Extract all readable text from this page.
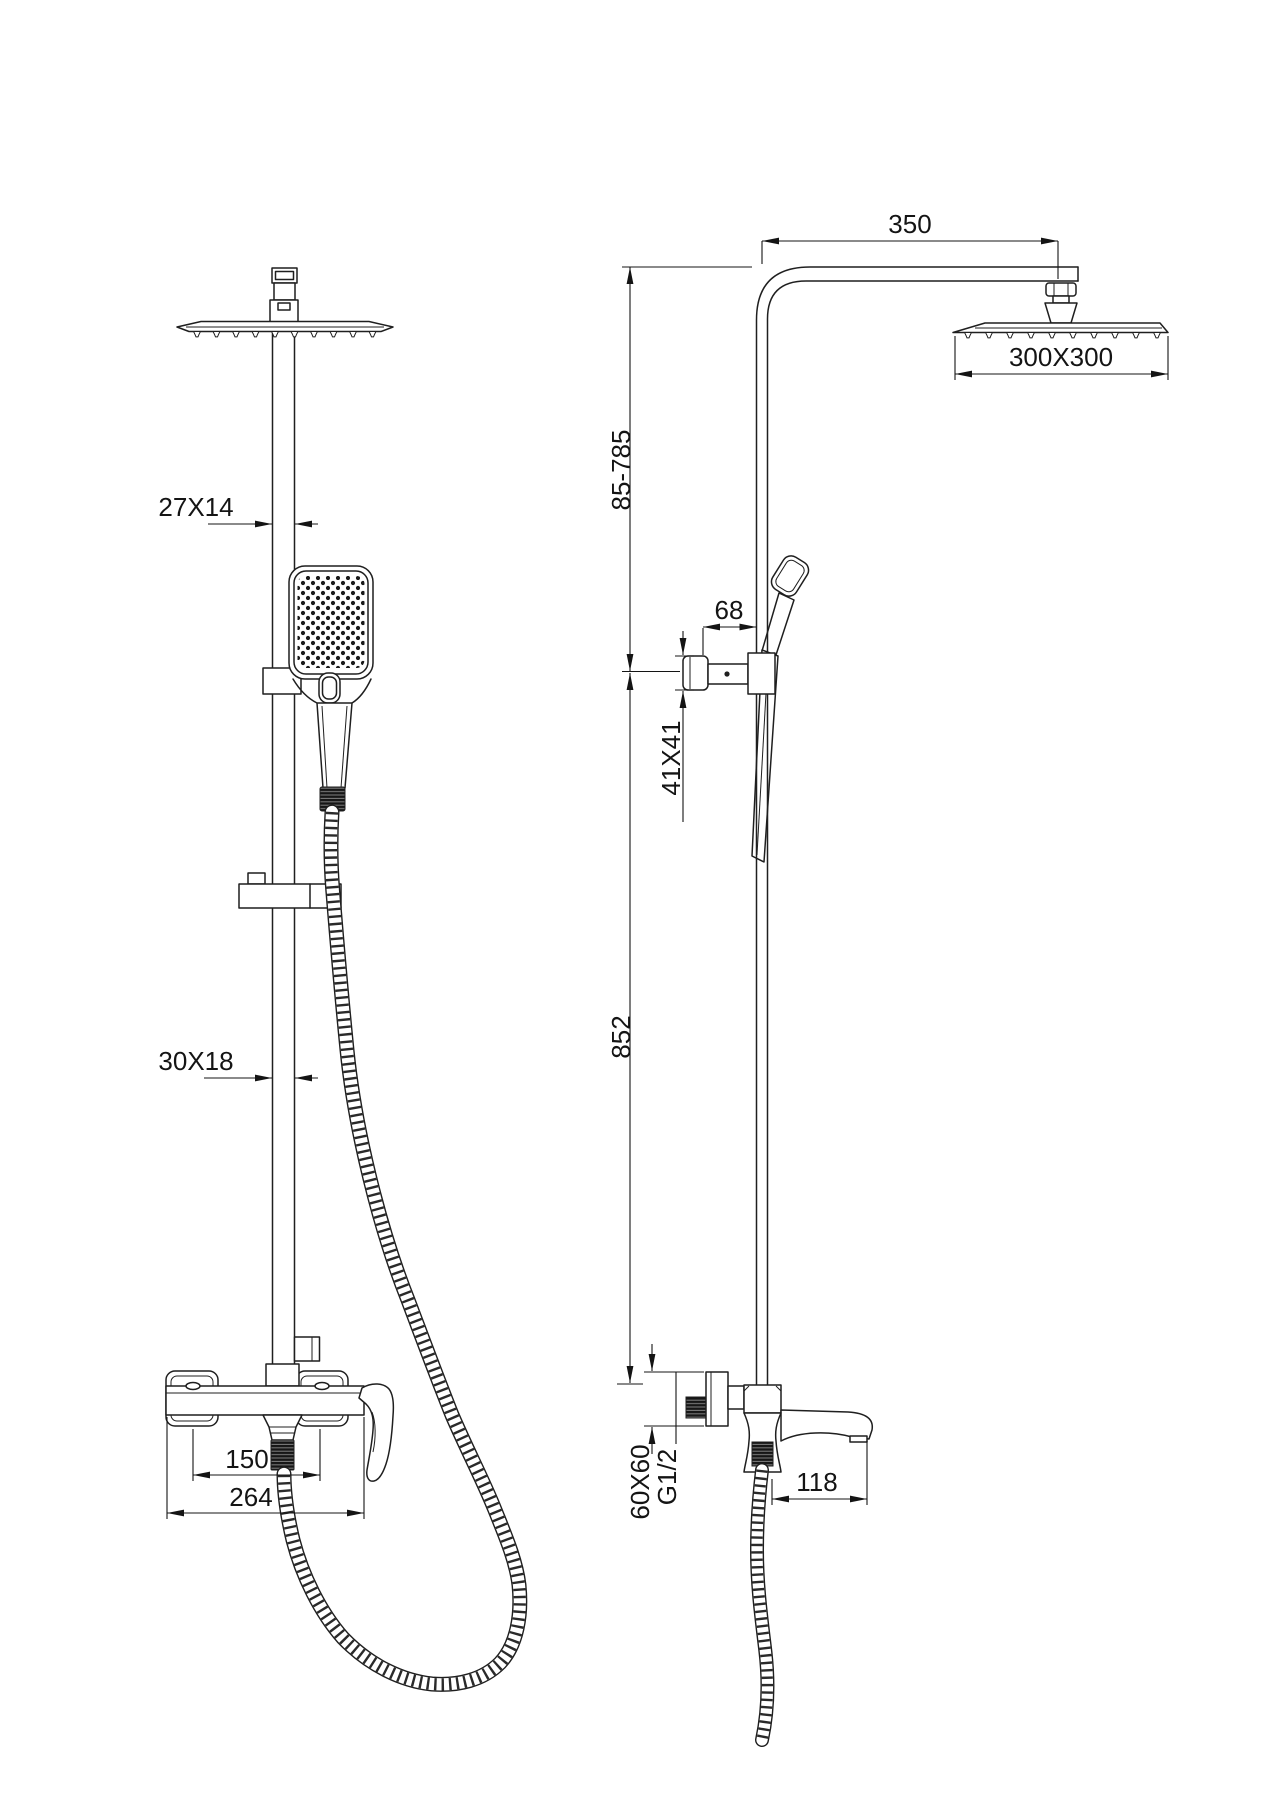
27X14
30X18
150
264
350
300X300
85-785
68
41X41
852
60X60
G1/2	118
